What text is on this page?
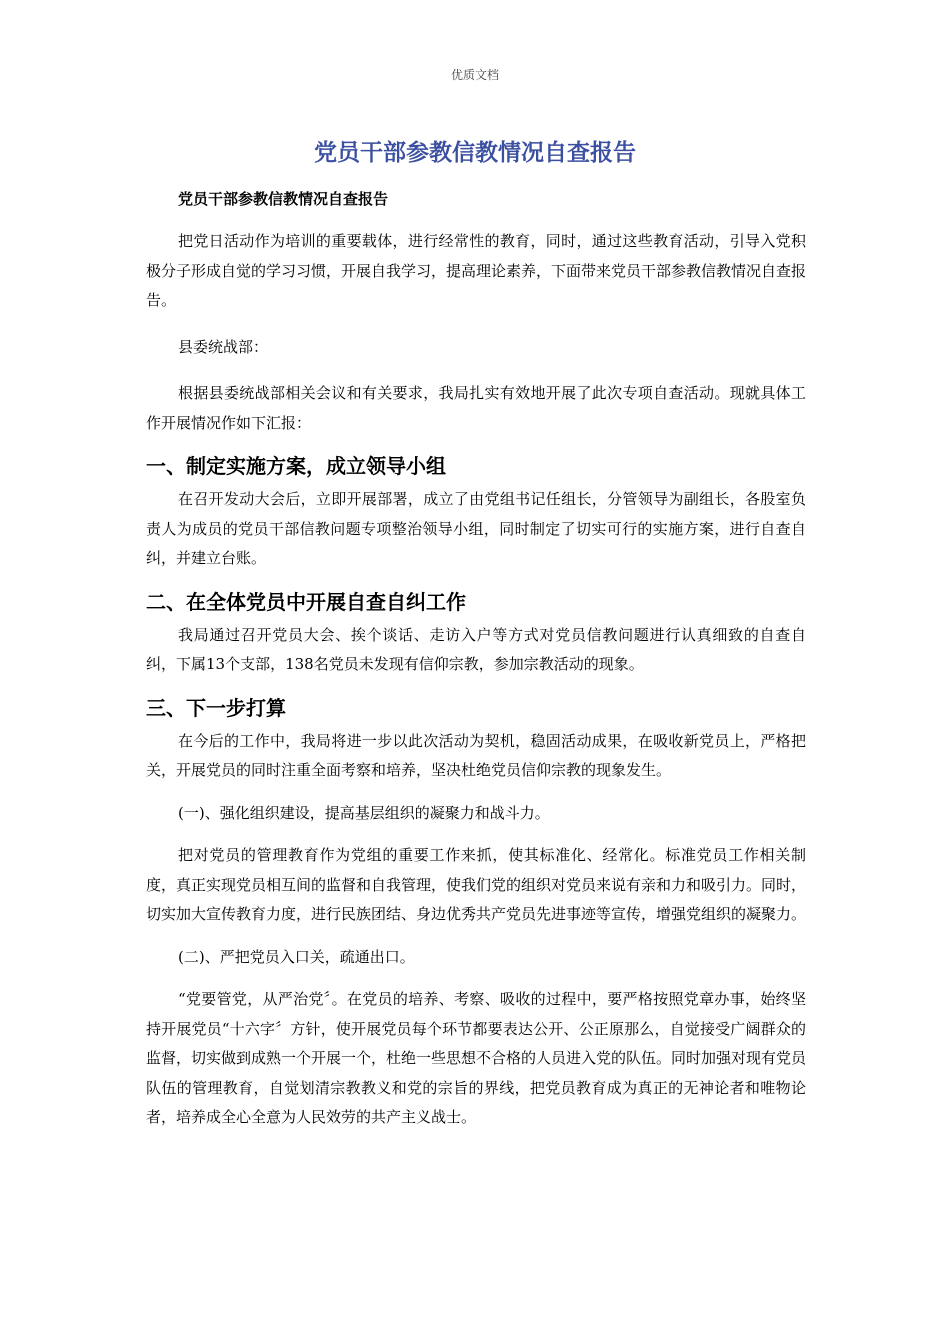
优质文档
党员干部参教信教情况自查报告

党员干部参教信教情况自查报告

把党日活动作为培训的重要载体，进行经常性的教育，同时，通过这些教育活动，引导入党积极分子形成自觉的学习习惯，开展自我学习，提高理论素养，下面带来党员干部参教信教情况自查报告。

县委统战部：

根据县委统战部相关会议和有关要求，我局扎实有效地开展了此次专项自查活动。现就具体工作开展情况作如下汇报：

一、制定实施方案，成立领导小组

在召开发动大会后，立即开展部署，成立了由党组书记任组长，分管领导为副组长，各股室负责人为成员的党员干部信教问题专项整治领导小组，同时制定了切实可行的实施方案，进行自查自纠，并建立台账。

二、在全体党员中开展自查自纠工作

我局通过召开党员大会、挨个谈话、走访入户等方式对党员信教问题进行认真细致的自查自纠，下属13个支部，138名党员未发现有信仰宗教，参加宗教活动的现象。

三、下一步打算

在今后的工作中，我局将进一步以此次活动为契机，稳固活动成果，在吸收新党员上，严格把关，开展党员的同时注重全面考察和培养，坚决杜绝党员信仰宗教的现象发生。

(一)、强化组织建设，提高基层组织的凝聚力和战斗力。

把对党员的管理教育作为党组的重要工作来抓，使其标准化、经常化。标准党员工作相关制度，真正实现党员相互间的监督和自我管理，使我们党的组织对党员来说有亲和力和吸引力。同时，切实加大宣传教育力度，进行民族团结、身边优秀共产党员先进事迹等宣传，增强党组织的凝聚力。

(二)、严把党员入口关，疏通出口。

“党要管党，从严治党〞。在党员的培养、考察、吸收的过程中，要严格按照党章办事，始终坚持开展党员“十六字〞方针，使开展党员每个环节都要表达公开、公正原那么，自觉接受广阔群众的监督，切实做到成熟一个开展一个，杜绝一些思想不合格的人员进入党的队伍。同时加强对现有党员队伍的管理教育，自觉划清宗教教义和党的宗旨的界线，把党员教育成为真正的无神论者和唯物论者，培养成全心全意为人民效劳的共产主义战士。
